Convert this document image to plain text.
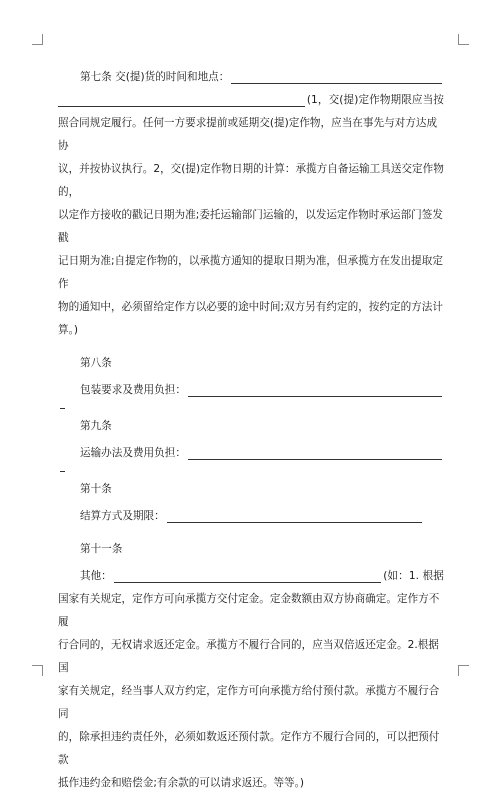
第七条 交(提)货的时间和地点：

(1，交(提)定作物期限应当按

照合同规定履行。任何一方要求提前或延期交(提)定作物，应当在事先与对方达成协

议，并按协议执行。2，交(提)定作物日期的计算：承揽方自备运输工具送交定作物的，

以定作方接收的戳记日期为准;委托运输部门运输的，以发运定作物时承运部门签发戳

记日期为准;自提定作物的，以承揽方通知的提取日期为准，但承揽方在发出提取定作

物的通知中，必须留给定作方以必要的途中时间;双方另有约定的，按约定的方法计

算。)

第八条

包装要求及费用负担：

第九条

运输办法及费用负担：

第十条

结算方式及期限：

第十一条

其他：	(如：1. 根据

国家有关规定，定作方可向承揽方交付定金。定金数额由双方协商确定。定作方不履

行合同的，无权请求返还定金。承揽方不履行合同的，应当双倍返还定金。2.根据国

家有关规定，经当事人双方约定，定作方可向承揽方给付预付款。承揽方不履行合同

的，除承担违约责任外，必须如数返还预付款。定作方不履行合同的，可以把预付款

抵作违约金和赔偿金;有余款的可以请求返还。等等。)
